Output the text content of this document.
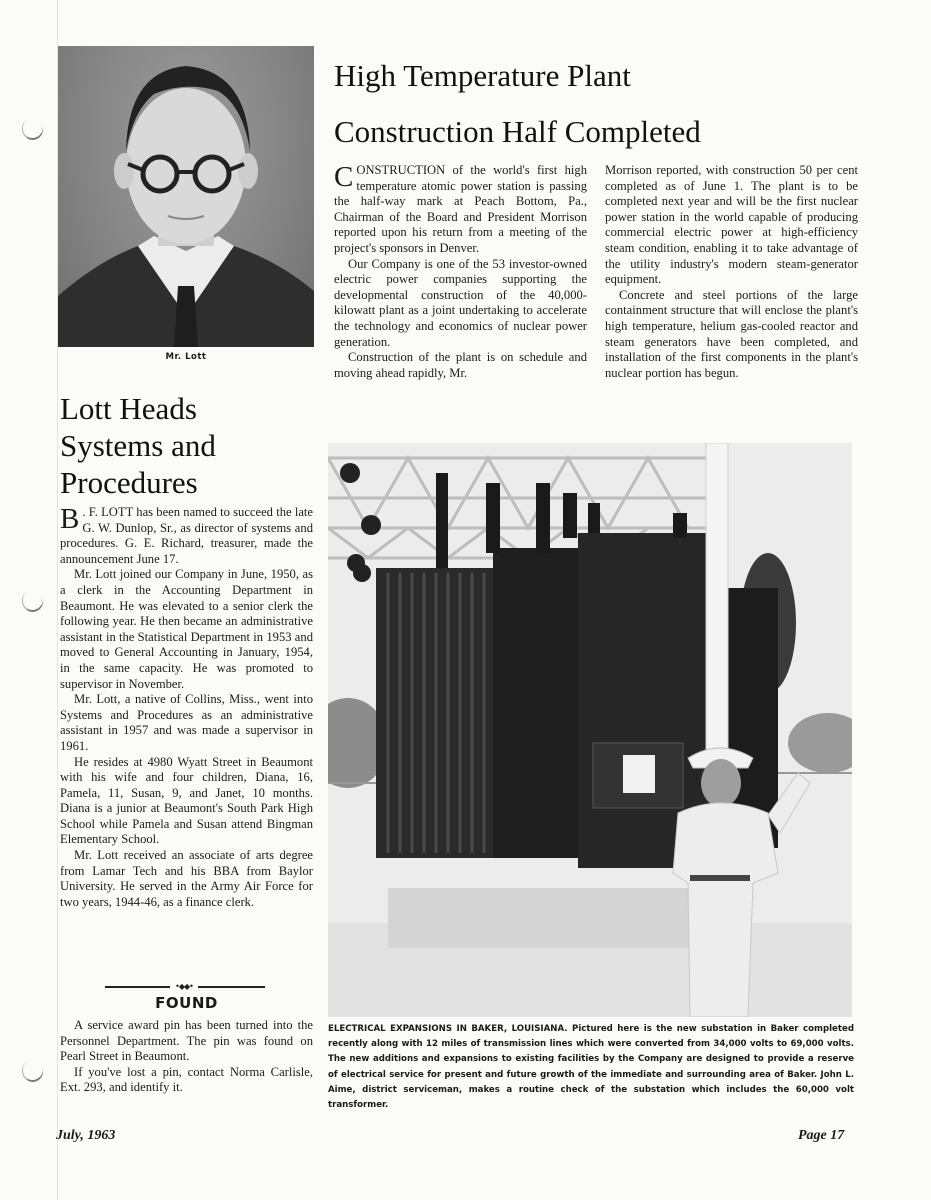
Mr. Lott
High Temperature Plant
Construction Half Completed

CONSTRUCTION of the world's first high temperature atomic power station is passing the half-way mark at Peach Bottom, Pa., Chairman of the Board and President Morrison reported upon his return from a meeting of the project's sponsors in Denver.

Our Company is one of the 53 investor-owned electric power companies supporting the developmental construction of the 40,000-kilowatt plant as a joint undertaking to accelerate the technology and economics of nuclear power generation.

Construction of the plant is on schedule and moving ahead rapidly, Mr.

Morrison reported, with construction 50 per cent completed as of June 1. The plant is to be completed next year and will be the first nuclear power station in the world capable of producing commercial electric power at high-efficiency steam condition, enabling it to take advantage of the utility industry's modern steam-generator equipment.

Concrete and steel portions of the large containment structure that will enclose the plant's high temperature, helium gas-cooled reactor and steam generators have been completed, and installation of the first components in the plant's nuclear portion has begun.

Lott Heads
Systems and
Procedures

B . F. LOTT has been named to succeed the late G. W. Dunlop, Sr., as director of systems and procedures. G. E. Richard, treasurer, made the announcement June 17.

Mr. Lott joined our Company in June, 1950, as a clerk in the Accounting Department in Beaumont. He was elevated to a senior clerk the following year. He then became an administrative assistant in the Statistical Department in 1953 and moved to General Accounting in January, 1954, in the same capacity. He was promoted to supervisor in November.

Mr. Lott, a native of Collins, Miss., went into Systems and Procedures as an administrative assistant in 1957 and was made a supervisor in 1961.

He resides at 4980 Wyatt Street in Beaumont with his wife and four children, Diana, 16, Pamela, 11, Susan, 9, and Janet, 10 months. Diana is a junior at Beaumont's South Park High School while Pamela and Susan attend Bingman Elementary School.

Mr. Lott received an associate of arts degree from Lamar Tech and his BBA from Baylor University. He served in the Army Air Force for two years, 1944-46, as a finance clerk.

•◆◆•
FOUND

A service award pin has been turned into the Personnel Department. The pin was found on Pearl Street in Beaumont.

If you've lost a pin, contact Norma Carlisle, Ext. 293, and identify it.

ELECTRICAL EXPANSIONS IN BAKER, LOUISIANA. Pictured here is the new substation in Baker completed recently along with 12 miles of transmission lines which were converted from 34,000 volts to 69,000 volts. The new additions and expansions to existing facilities by the Company are designed to provide a reserve of electrical service for present and future growth of the immediate and surrounding area of Baker. John L. Aime, district serviceman, makes a routine check of the substation which includes the 60,000 volt transformer.
July, 1963	Page 17
